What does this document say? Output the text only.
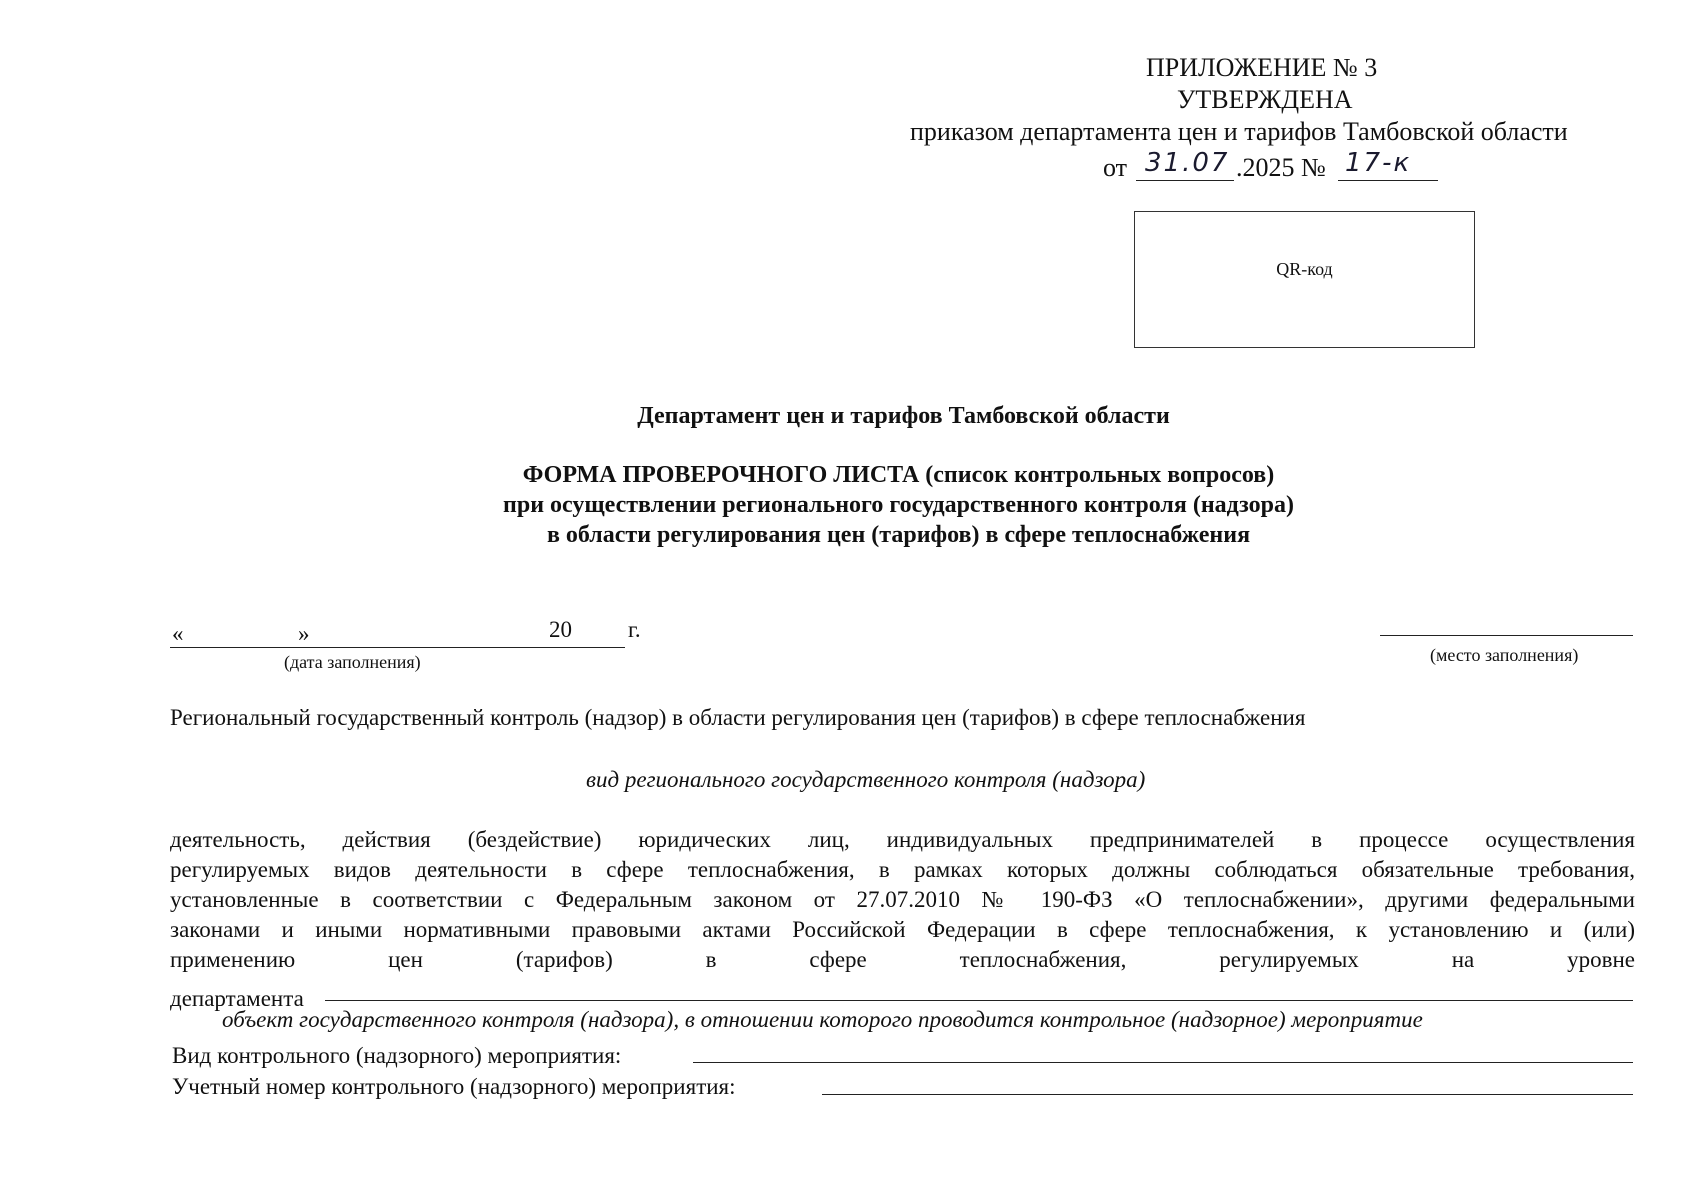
ПРИЛОЖЕНИЕ № 3
УТВЕРЖДЕНА
приказом департамента цен и тарифов Тамбовской области
от 31.07 .2025 № 17-к
QR-код
Департамент цен и тарифов Тамбовской области
ФОРМА ПРОВЕРОЧНОГО ЛИСТА (список контрольных вопросов)
при осуществлении регионального государственного контроля (надзора)
в области регулирования цен (тарифов) в сфере теплоснабжения
«	»	20 г.
(дата заполнения)	(место заполнения)
Региональный государственный контроль (надзор) в области регулирования цен (тарифов) в сфере теплоснабжения
вид регионального государственного контроля (надзора)
деятельность, действия (бездействие) юридических лиц, индивидуальных предпринимателей в процессе осуществления
регулируемых видов деятельности в сфере теплоснабжения, в рамках которых должны соблюдаться обязательные требования,
установленные в соответствии с Федеральным законом от 27.07.2010 № 190-ФЗ «О теплоснабжении», другими федеральными
законами и иными нормативными правовыми актами Российской Федерации в сфере теплоснабжения, к установлению и (или)
применению цен (тарифов) в сфере теплоснабжения, регулируемых на уровне
департамента
объект государственного контроля (надзора), в отношении которого проводится контрольное (надзорное) мероприятие
Вид контрольного (надзорного) мероприятия:
Учетный номер контрольного (надзорного) мероприятия:
